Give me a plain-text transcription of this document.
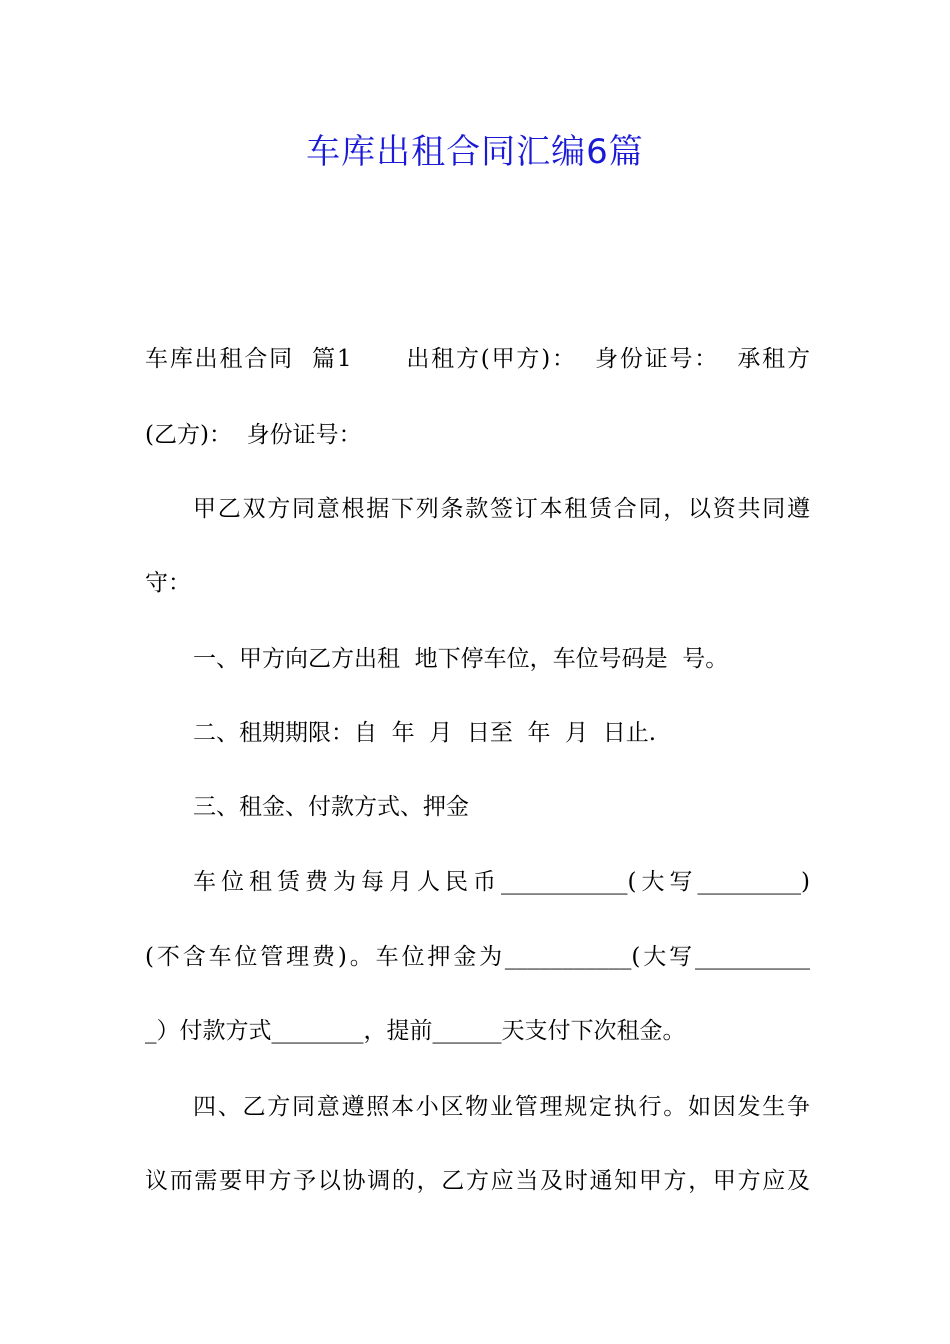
车库出租合同汇编6篇
车库出租合同  篇1      出租方(甲方)：  身份证号：  承租方
(乙方)：  身份证号：
甲乙双方同意根据下列条款签订本租赁合同，以资共同遵
守：
一、甲方向乙方出租  地下停车位，车位号码是  号。
二、租期期限：自  年  月  日至  年  月  日止.
三、租金、付款方式、押金
车位租赁费为每月人民币___________(大写_________)
(不含车位管理费)。车位押金为___________(大写__________
_）付款方式________，提前______天支付下次租金。
四、乙方同意遵照本小区物业管理规定执行。如因发生争
议而需要甲方予以协调的，乙方应当及时通知甲方，甲方应及
